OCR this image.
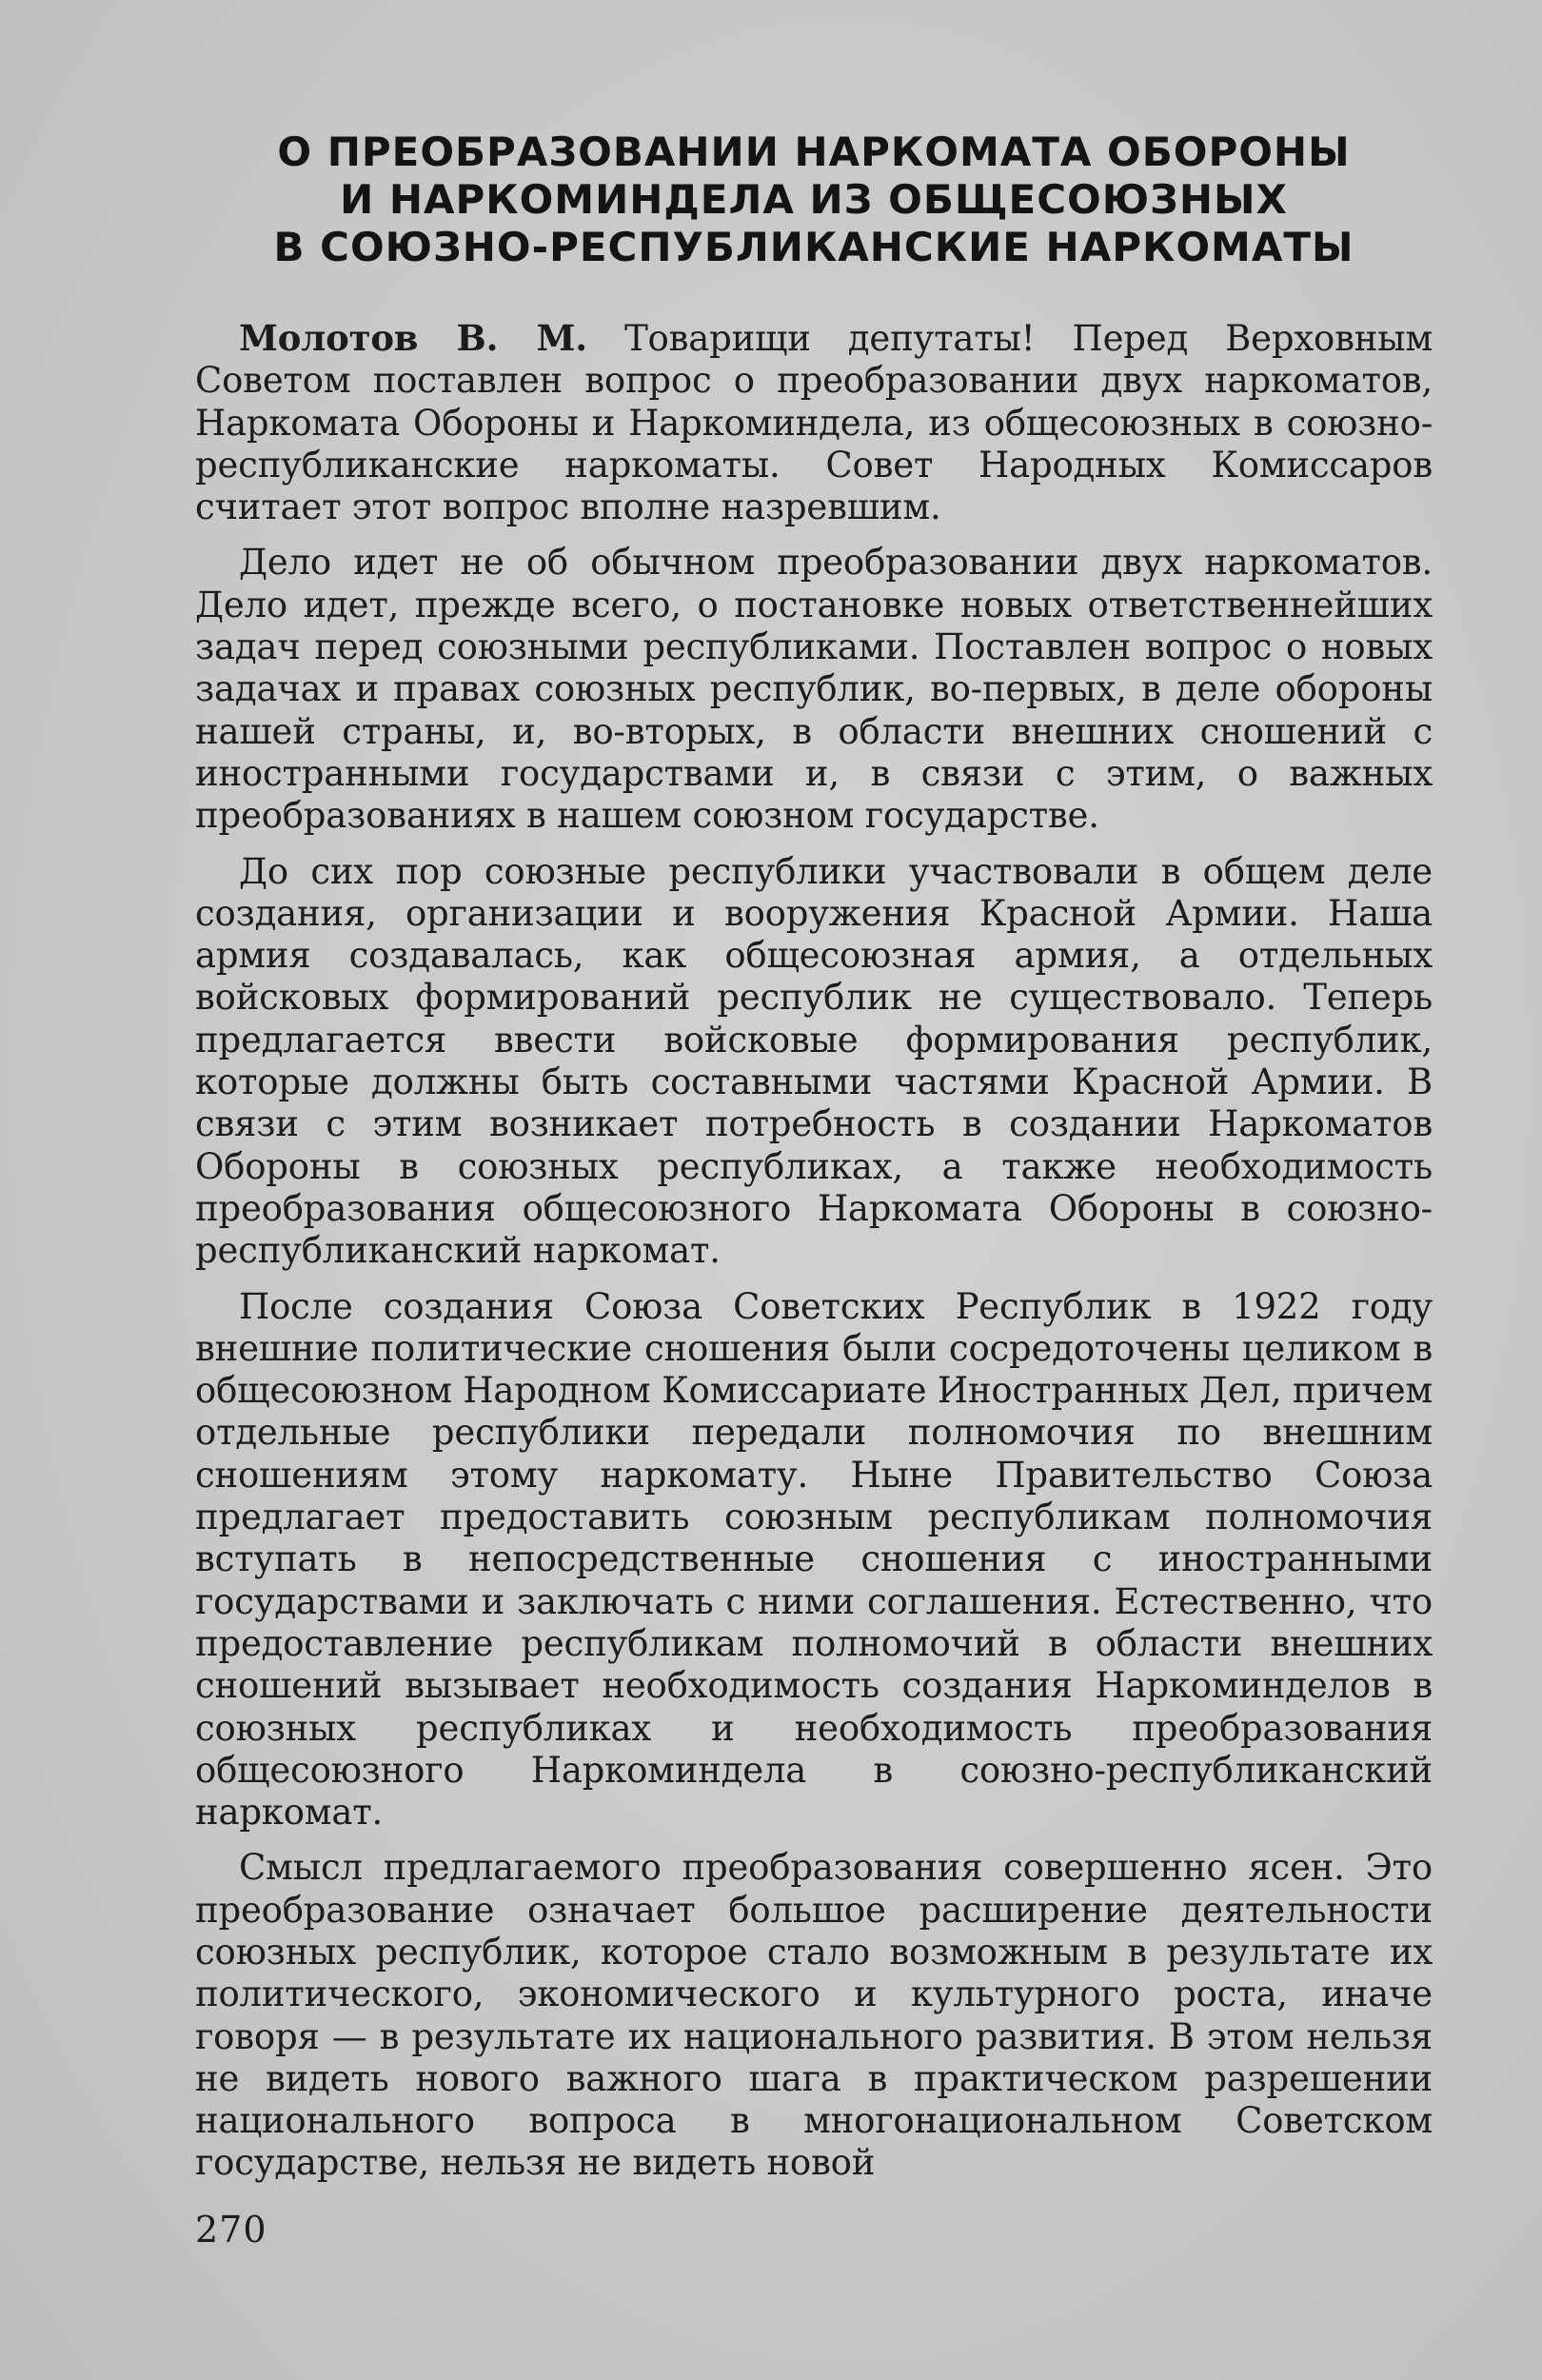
О ПРЕОБРАЗОВАНИИ НАРКОМАТА ОБОРОНЫ
И НАРКОМИНДЕЛА ИЗ ОБЩЕСОЮЗНЫХ
В СОЮЗНО-РЕСПУБЛИКАНСКИЕ НАРКОМАТЫ

Молотов В. М. Товарищи депутаты! Перед Верховным Советом поставлен вопрос о преобразовании двух наркоматов, Наркомата Обороны и Наркоминдела, из общесоюзных в союзно-республиканские наркоматы. Совет Народных Комиссаров считает этот вопрос вполне назревшим.

Дело идет не об обычном преобразовании двух наркоматов. Дело идет, прежде всего, о постановке новых ответственнейших задач перед союзными республиками. Поставлен вопрос о новых задачах и правах союзных республик, во-первых, в деле обороны нашей страны, и, во-вторых, в области внешних сношений с иностранными государствами и, в связи с этим, о важных преобразованиях в нашем союзном государстве.

До сих пор союзные республики участвовали в общем деле создания, организации и вооружения Красной Армии. Наша армия создавалась, как общесоюзная армия, а отдельных войсковых формирований республик не существовало. Теперь предлагается ввести войсковые формирования республик, которые должны быть составными частями Красной Армии. В связи с этим возникает потребность в создании Наркоматов Обороны в союзных республиках, а также необходимость преобразования общесоюзного Наркомата Обороны в союзно-республиканский наркомат.

После создания Союза Советских Республик в 1922 году внешние политические сношения были сосредоточены целиком в общесоюзном Народном Комиссариате Иностранных Дел, причем отдельные республики передали полномочия по внешним сношениям этому наркомату. Ныне Правительство Союза предлагает предоставить союзным республикам полномочия вступать в непосредственные сношения с иностранными государствами и заключать с ними соглашения. Естественно, что предоставление республикам полномочий в области внешних сношений вызывает необходимость создания Наркоминделов в союзных республиках и необходимость преобразования общесоюзного Наркоминдела в союзно-республиканский наркомат.

Смысл предлагаемого преобразования совершенно ясен. Это преобразование означает большое расширение деятельности союзных республик, которое стало возможным в результате их политического, экономического и культурного роста, иначе говоря — в результате их национального развития. В этом нельзя не видеть нового важного шага в практическом разрешении национального вопроса в многонациональном Советском государстве, нельзя не видеть новой

270
